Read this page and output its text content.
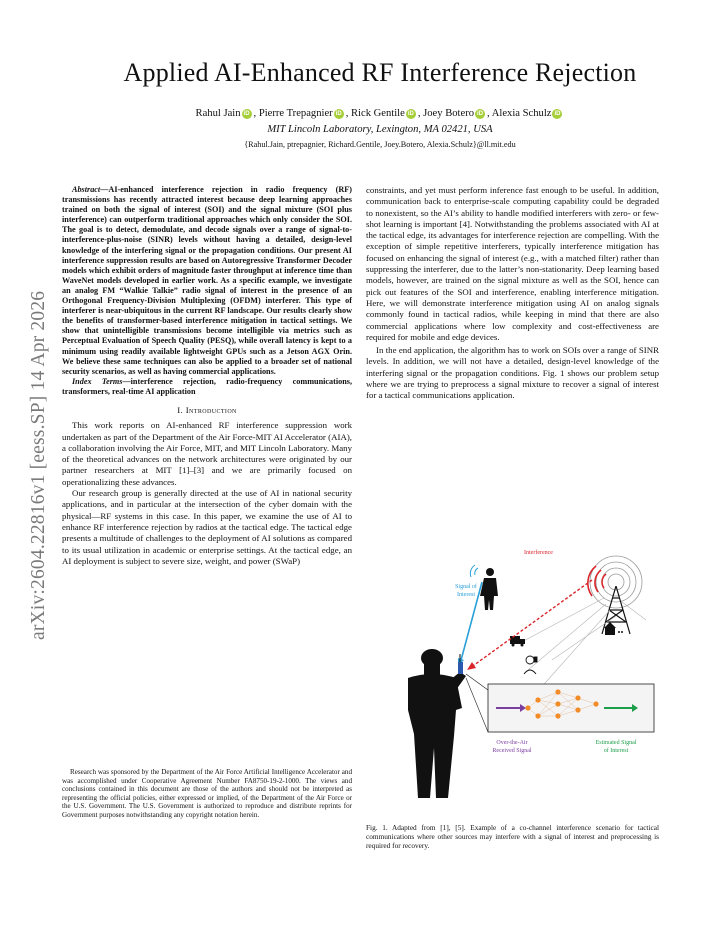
arXiv:2604.22816v1 [eess.SP] 14 Apr 2026
Applied AI-Enhanced RF Interference Rejection
Rahul Jain iD , Pierre Trepagnier iD , Rick Gentile iD , Joey Botero iD , Alexia Schulz iD
MIT Lincoln Laboratory, Lexington, MA 02421, USA
{Rahul.Jain, ptrepagnier, Richard.Gentile, Joey.Botero, Alexia.Schulz}@ll.mit.edu

Abstract—AI-enhanced interference rejection in radio frequency (RF) transmissions has recently attracted interest because deep learning approaches trained on both the signal of interest (SOI) and the signal mixture (SOI plus interference) can outperform traditional approaches which only consider the SOI. The goal is to detect, demodulate, and decode signals over a range of signal-to-interference-plus-noise (SINR) levels without having a detailed, design-level knowledge of the interfering signal or the propagation conditions. Our present AI interference suppression results are based on Autoregressive Transformer Decoder models which exhibit orders of magnitude faster throughput at inference time than WaveNet models developed in earlier work. As a specific example, we investigate an analog FM “Walkie Talkie” radio signal of interest in the presence of an Orthogonal Frequency-Division Multiplexing (OFDM) interferer. This type of interferer is near-ubiquitous in the current RF landscape. Our results clearly show the benefits of transformer-based interference mitigation in tactical settings. We show that unintelligible transmissions become intelligible via metrics such as Perceptual Evaluation of Speech Quality (PESQ), while overall latency is kept to a minimum using readily available lightweight GPUs such as a Jetson AGX Orin. We believe these same techniques can also be applied to a broader set of national security scenarios, as well as having commercial applications.

Index Terms—interference rejection, radio-frequency communications, transformers, real-time AI application

I. Introduction

This work reports on AI-enhanced RF interference suppression work undertaken as part of the Department of the Air Force-MIT AI Accelerator (AIA), a collaboration involving the Air Force, MIT, and MIT Lincoln Laboratory. Many of the theoretical advances on the network architectures were originated by our partner researchers at MIT [1]–[3] and we are primarily focused on operationalizing these advances.

Our research group is generally directed at the use of AI in national security applications, and in particular at the intersection of the cyber domain with the physical—RF systems in this case. In this paper, we examine the use of AI to enhance RF interference rejection by radios at the tactical edge. The tactical edge presents a multitude of challenges to the deployment of AI solutions as compared to its usual utilization in academic or enterprise settings. At the tactical edge, an AI deployment is subject to severe size, weight, and power (SWaP)

Research was sponsored by the Department of the Air Force Artificial Intelligence Accelerator and was accomplished under Cooperative Agreement Number FA8750-19-2-1000. The views and conclusions contained in this document are those of the authors and should not be interpreted as representing the official policies, either expressed or implied, of the Department of the Air Force or the U.S. Government. The U.S. Government is authorized to reproduce and distribute reprints for Government purposes notwithstanding any copyright notation herein.

constraints, and yet must perform inference fast enough to be useful. In addition, communication back to enterprise-scale computing capability could be degraded to nonexistent, so the AI’s ability to handle modified interferers with zero- or few-shot learning is important [4]. Notwithstanding the problems associated with AI at the tactical edge, its advantages for interference rejection are compelling. With the exception of simple repetitive interferers, typically interference mitigation has focused on enhancing the signal of interest (e.g., with a matched filter) rather than suppressing the interferer, due to the latter’s non-stationarity. Deep learning based models, however, are trained on the signal mixture as well as the SOI, hence can pick out features of the SOI and interference, enabling interference mitigation. Here, we will demonstrate interference mitigation using AI on analog signals commonly found in tactical radios, while keeping in mind that there are also commercial applications where low complexity and cost-effectiveness are required for mobile and edge devices.

In the end application, the algorithm has to work on SOIs over a range of SINR levels. In addition, we will not have a detailed, design-level knowledge of the interfering signal or the propagation conditions. Fig. 1 shows our problem setup where we are trying to preprocess a signal mixture to recover a signal of interest for a tactical communications application.

Interference
Signal of
Interest
Over-the-Air
Received Signal
Estimated Signal
of Interest
Fig. 1. Adapted from [1], [5]. Example of a co-channel interference scenario for tactical communications where other sources may interfere with a signal of interest and preprocessing is required for recovery.
